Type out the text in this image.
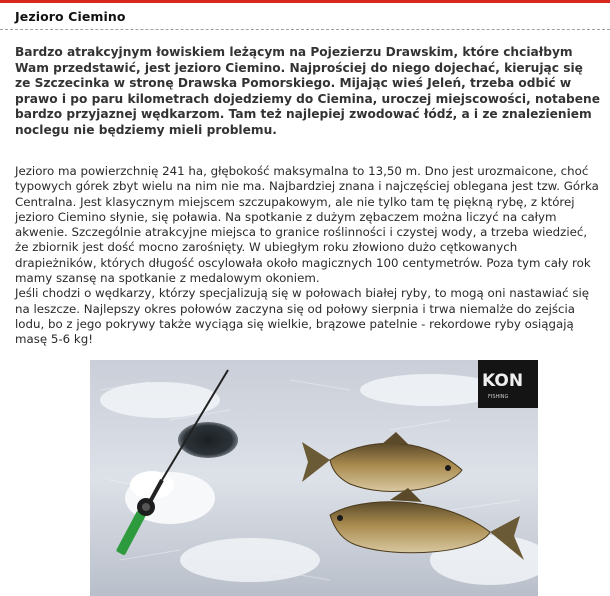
Jezioro Ciemino

Bardzo atrakcyjnym łowiskiem leżącym na Pojezierzu Drawskim, które chciałbym Wam przedstawić, jest jezioro Ciemino. Najprościej do niego dojechać, kierując się ze Szczecinka w stronę Drawska Pomorskiego. Mijając wieś Jeleń, trzeba odbić w prawo i po paru kilometrach dojedziemy do Ciemina, uroczej miejscowości, notabene bardzo przyjaznej wędkarzom. Tam też najlepiej zwodować łódź, a i ze znalezieniem noclegu nie będziemy mieli problemu.

Jezioro ma powierzchnię 241 ha, głębokość maksymalna to 13,50 m. Dno jest urozmaicone, choć typowych górek zbyt wielu na nim nie ma. Najbardziej znana i najczęściej oblegana jest tzw. Górka Centralna. Jest klasycznym miejscem szczupakowym, ale nie tylko tam tę piękną rybę, z której jezioro Ciemino słynie, się poławia. Na spotkanie z dużym zębaczem można liczyć na całym akwenie. Szczególnie atrakcyjne miejsca to granice roślinności i czystej wody, a trzeba wiedzieć, że zbiornik jest dość mocno zarośnięty. W ubiegłym roku złowiono dużo cętkowanych drapieżników, których długość oscylowała około magicznych 100 centymetrów. Poza tym cały rok mamy szansę na spotkanie z medalowym okoniem.

Jeśli chodzi o wędkarzy, którzy specjalizują się w połowach białej ryby, to mogą oni nastawiać się na leszcze. Najlepszy okres połowów zaczyna się od połowy sierpnia i trwa niemalże do zejścia lodu, bo z jego pokrywy także wyciąga się wielkie, brązowe patelnie - rekordowe ryby osiągają masę 5-6 kg!

KON
FISHING
